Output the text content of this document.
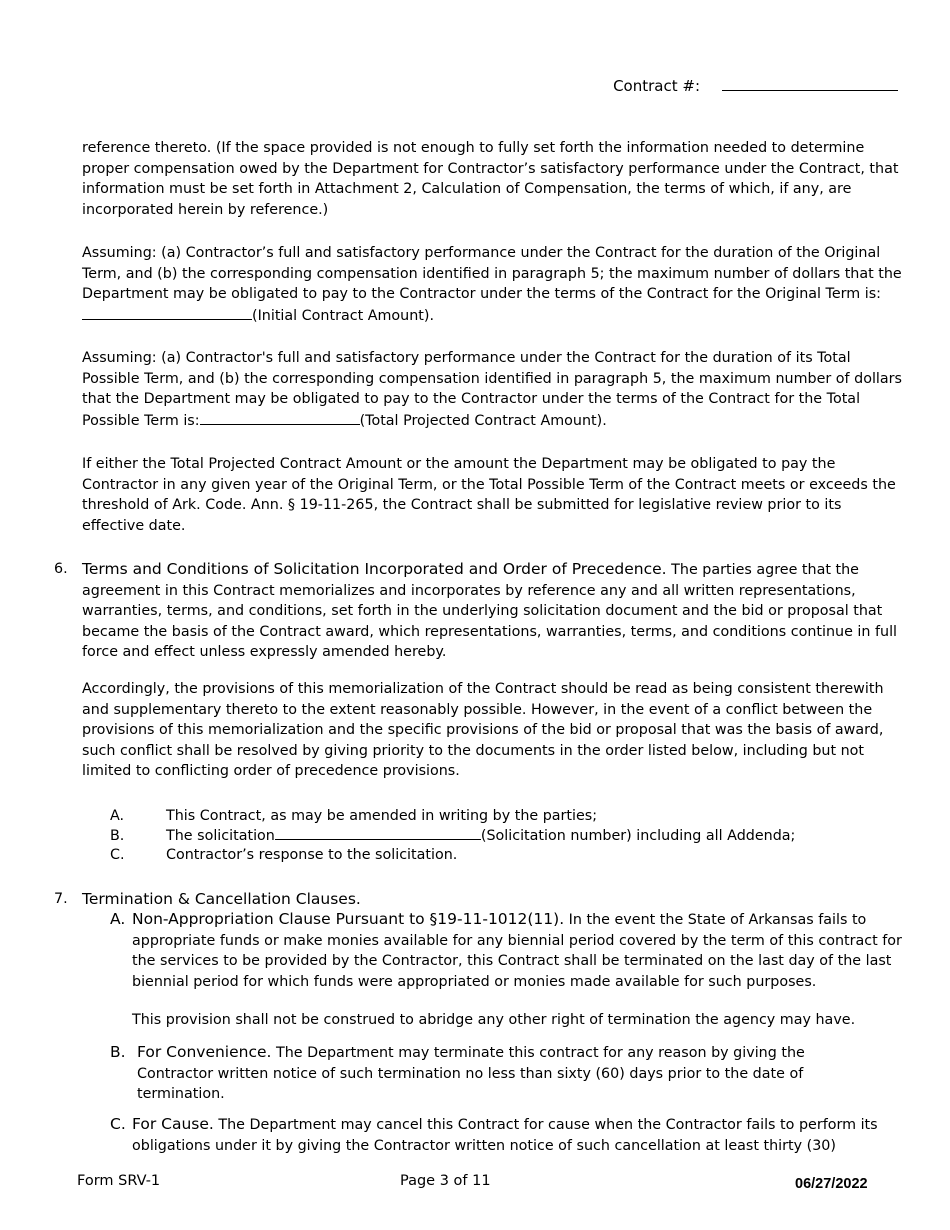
Contract #:
reference thereto. (If the space provided is not enough to fully set forth the information needed to determine proper compensation owed by the Department for Contractor’s satisfactory performance under the Contract, that information must be set forth in Attachment 2, Calculation of Compensation, the terms of which, if any, are incorporated herein by reference.)
Assuming: (a) Contractor’s full and satisfactory performance under the Contract for the duration of the Original Term, and (b) the corresponding compensation identified in paragraph 5; the maximum number of dollars that the Department may be obligated to pay to the Contractor under the terms of the Contract for the Original Term is:(Initial Contract Amount).
Assuming: (a) Contractor's full and satisfactory performance under the Contract for the duration of its Total Possible Term, and (b) the corresponding compensation identified in paragraph 5, the maximum number of dollars that the Department may be obligated to pay to the Contractor under the terms of the Contract for the Total Possible Term is:	(Total Projected Contract Amount).
If either the Total Projected Contract Amount or the amount the Department may be obligated to pay the Contractor in any given year of the Original Term, or the Total Possible Term of the Contract meets or exceeds the threshold of Ark. Code. Ann. § 19-11-265, the Contract shall be submitted for legislative review prior to its effective date.
6. Terms and Conditions of Solicitation Incorporated and Order of Precedence. The parties agree that the agreement in this Contract memorializes and incorporates by reference any and all written representations, warranties, terms, and conditions, set forth in the underlying solicitation document and the bid or proposal that became the basis of the Contract award, which representations, warranties, terms, and conditions continue in full force and effect unless expressly amended hereby.
Accordingly, the provisions of this memorialization of the Contract should be read as being consistent therewith and supplementary thereto to the extent reasonably possible. However, in the event of a conflict between the provisions of this memorialization and the specific provisions of the bid or proposal that was the basis of award, such conflict shall be resolved by giving priority to the documents in the order listed below, including but not limited to conflicting order of precedence provisions.
A.	This Contract, as may be amended in writing by the parties;
B.	The solicitation	(Solicitation number) including all Addenda;
C.	Contractor’s response to the solicitation.
7. Termination & Cancellation Clauses.
A. Non-Appropriation Clause Pursuant to §19-11-1012(11). In the event the State of Arkansas fails to appropriate funds or make monies available for any biennial period covered by the term of this contract for the services to be provided by the Contractor, this Contract shall be terminated on the last day of the last biennial period for which funds were appropriated or monies made available for such purposes.
This provision shall not be construed to abridge any other right of termination the agency may have.
B. For Convenience. The Department may terminate this contract for any reason by giving the Contractor written notice of such termination no less than sixty (60) days prior to the date of termination.
C. For Cause. The Department may cancel this Contract for cause when the Contractor fails to perform its obligations under it by giving the Contractor written notice of such cancellation at least thirty (30)
Form SRV-1	Page 3 of 11	06/27/2022
